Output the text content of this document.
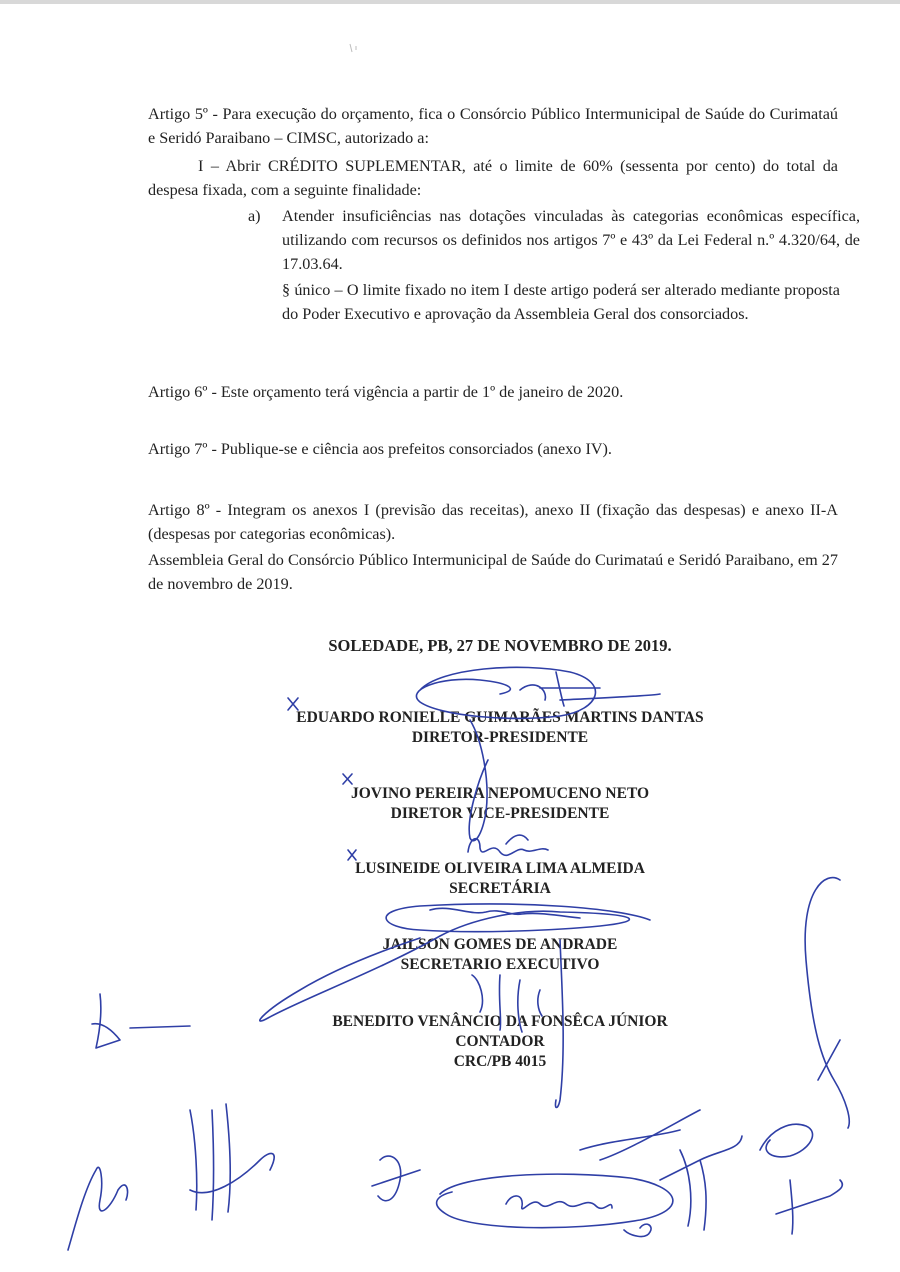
Artigo 5º - Para execução do orçamento, fica o Consórcio Público Intermunicipal de Saúde do Curimataú e Seridó Paraibano – CIMSC, autorizado a:
I – Abrir CRÉDITO SUPLEMENTAR, até o limite de 60% (sessenta por cento) do total da despesa fixada, com a seguinte finalidade:
a) Atender insuficiências nas dotações vinculadas às categorias econômicas específica, utilizando com recursos os definidos nos artigos 7º e 43º da Lei Federal n.º 4.320/64, de 17.03.64.
§ único – O limite fixado no item I deste artigo poderá ser alterado mediante proposta do Poder Executivo e aprovação da Assembleia Geral dos consorciados.
Artigo 6º - Este orçamento terá vigência a partir de 1º de janeiro de 2020.
Artigo 7º - Publique-se e ciência aos prefeitos consorciados (anexo IV).
Artigo 8º - Integram os anexos I (previsão das receitas), anexo II (fixação das despesas) e anexo II-A (despesas por categorias econômicas).
Assembleia Geral do Consórcio Público Intermunicipal de Saúde do Curimataú e Seridó Paraibano, em 27 de novembro de 2019.
SOLEDADE, PB, 27 DE NOVEMBRO DE 2019.
EDUARDO RONIELLE GUIMARÃES MARTINS DANTAS
DIRETOR-PRESIDENTE
JOVINO PEREIRA NEPOMUCENO NETO
DIRETOR VICE-PRESIDENTE
LUSINEIDE OLIVEIRA LIMA ALMEIDA
SECRETÁRIA
JAILSON GOMES DE ANDRADE
SECRETARIO EXECUTIVO
BENEDITO VENÂNCIO DA FONSÊCA JÚNIOR
CONTADOR
CRC/PB 4015
